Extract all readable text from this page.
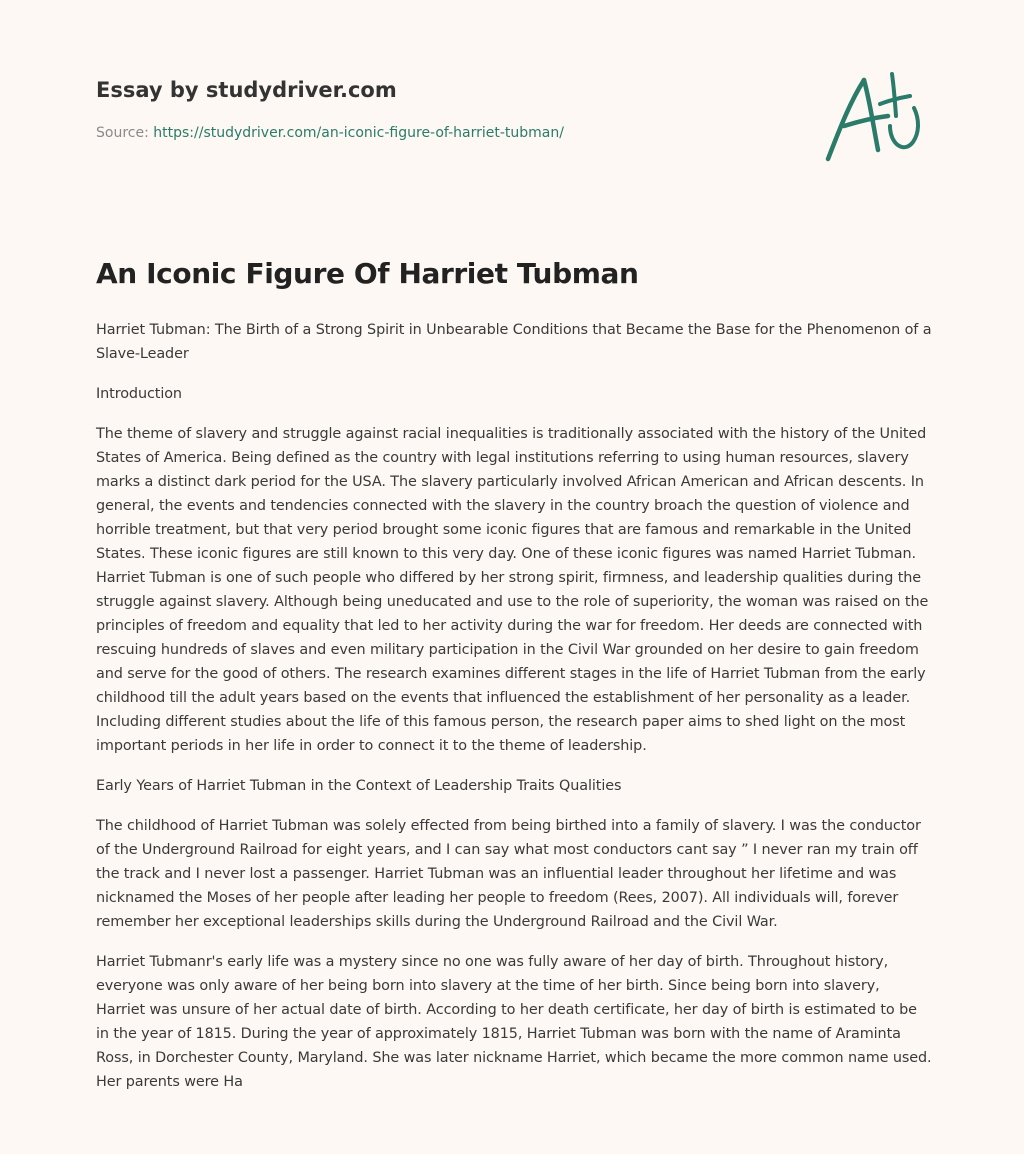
Essay by studydriver.com
Source: https://studydriver.com/an-iconic-figure-of-harriet-tubman/
An Iconic Figure Of Harriet Tubman

Harriet Tubman: The Birth of a Strong Spirit in Unbearable Conditions that Became the Base for the Phenomenon of a Slave-Leader

Introduction

The theme of slavery and struggle against racial inequalities is traditionally associated with the history of the United States of America. Being defined as the country with legal institutions referring to using human resources, slavery marks a distinct dark period for the USA. The slavery particularly involved African American and African descents. In general, the events and tendencies connected with the slavery in the country broach the question of violence and horrible treatment, but that very period brought some iconic figures that are famous and remarkable in the United States. These iconic figures are still known to this very day. One of these iconic figures was named Harriet Tubman. Harriet Tubman is one of such people who differed by her strong spirit, firmness, and leadership qualities during the struggle against slavery. Although being uneducated and use to the role of superiority, the woman was raised on the principles of freedom and equality that led to her activity during the war for freedom. Her deeds are connected with rescuing hundreds of slaves and even military participation in the Civil War grounded on her desire to gain freedom and serve for the good of others. The research examines different stages in the life of Harriet Tubman from the early childhood till the adult years based on the events that influenced the establishment of her personality as a leader. Including different studies about the life of this famous person, the research paper aims to shed light on the most important periods in her life in order to connect it to the theme of leadership.

Early Years of Harriet Tubman in the Context of Leadership Traits Qualities

The childhood of Harriet Tubman was solely effected from being birthed into a family of slavery. I was the conductor of the Underground Railroad for eight years, and I can say what most conductors cant say ” I never ran my train off the track and I never lost a passenger. Harriet Tubman was an influential leader throughout her lifetime and was nicknamed the Moses of her people after leading her people to freedom (Rees, 2007). All individuals will, forever remember her exceptional leaderships skills during the Underground Railroad and the Civil War.

Harriet Tubmanr's early life was a mystery since no one was fully aware of her day of birth. Throughout history, everyone was only aware of her being born into slavery at the time of her birth. Since being born into slavery, Harriet was unsure of her actual date of birth. According to her death certificate, her day of birth is estimated to be in the year of 1815. During the year of approximately 1815, Harriet Tubman was born with the name of Araminta Ross, in Dorchester County, Maryland. She was later nickname Harriet, which became the more common name used. Her parents were Ha
